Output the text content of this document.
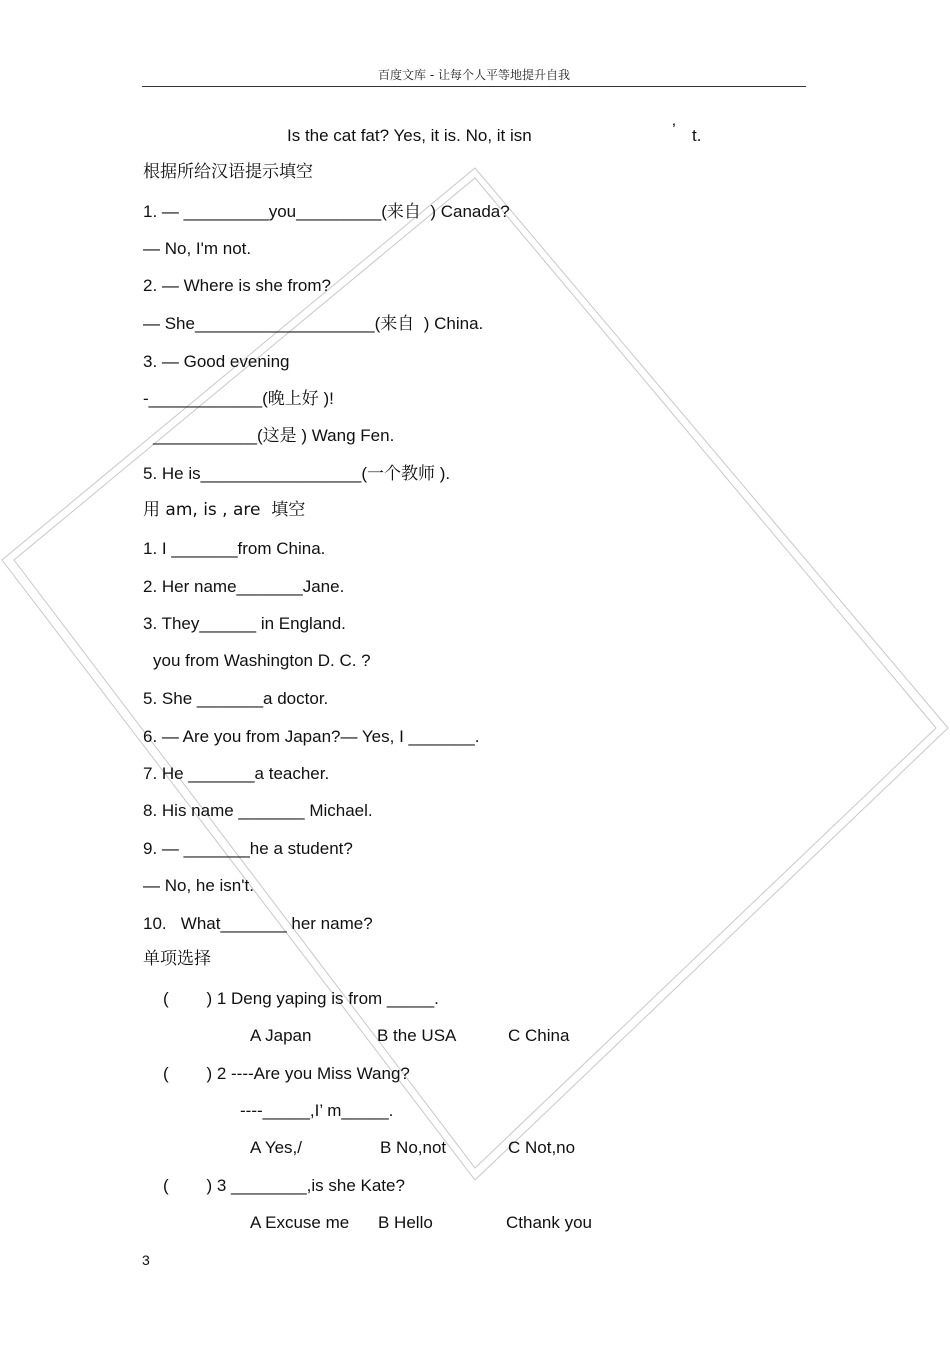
百度文库 - 让每个人平等地提升自我
Is the cat fat? Yes, it is. No, it isn	’ t.
根据所给汉语提示填空
1. — _________you_________(来自  ) Canada?
— No, I'm not.
2. — Where is she from?
— She___________________(来自  ) China.
3. — Good evening
-____________(晚上好 )!
___________(这是 ) Wang Fen.
5. He is_________________(一个教师 ).
用 am, is , are  填空
1. I _______from China.
2. Her name_______Jane.
3. They______ in England.
you from Washington D. C. ?
5. She _______a doctor.
6. — Are you from Japan?— Yes, I _______.
7. He _______a teacher.
8. His name _______ Michael.
9. — _______he a student?
— No, he isn't.
10.   What_______ her name?
单项选择
(        ) 1 Deng yaping is from _____.
A Japan	B the USA	C China
(        ) 2 ----Are you Miss Wang?
----_____,I’ m_____.
A Yes,/	B No,not	C Not,no
(        ) 3 ________,is she Kate?
A Excuse me B Hello	Cthank you
3
